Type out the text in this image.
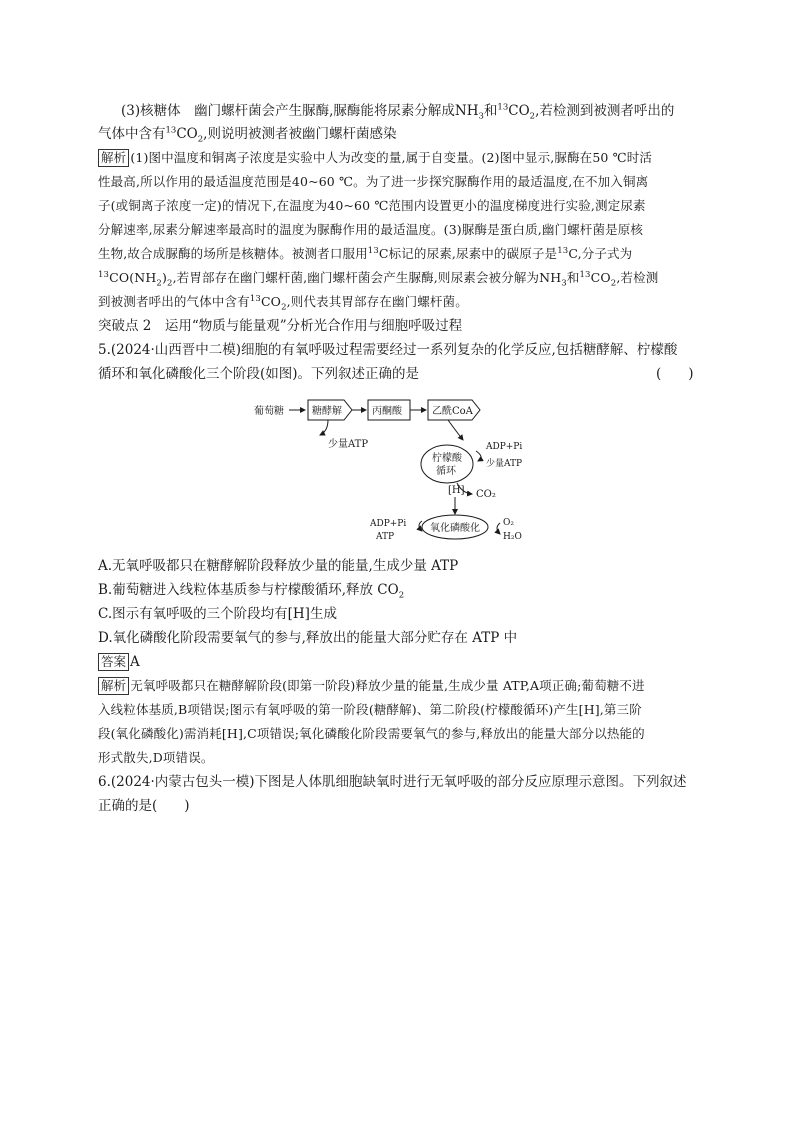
(3)核糖体　幽门螺杆菌会产生脲酶,脲酶能将尿素分解成$NH_3$和$^{13}CO_2$,若检测到被测者呼出的
气体中含有$^{13}CO_2$,则说明被测者被幽门螺杆菌感染
解析 (1)图中温度和铜离子浓度是实验中人为改变的量,属于自变量。(2)图中显示,脲酶在50 ℃时活
性最高,所以作用的最适温度范围是40~60 ℃。为了进一步探究脲酶作用的最适温度,在不加入铜离
子(或铜离子浓度一定)的情况下,在温度为40~60 ℃范围内设置更小的温度梯度进行实验,测定尿素
分解速率,尿素分解速率最高时的温度为脲酶作用的最适温度。(3)脲酶是蛋白质,幽门螺杆菌是原核
生物,故合成脲酶的场所是核糖体。被测者口服用$^{13}$C标记的尿素,尿素中的碳原子是$^{13}$C,分子式为
$^{13}CO(NH_2)_2$,若胃部存在幽门螺杆菌,幽门螺杆菌会产生脲酶,则尿素会被分解为$NH_3$和$^{13}CO_2$,若检测
到被测者呼出的气体中含有$^{13}CO_2$,则代表其胃部存在幽门螺杆菌。
突破点 2　运用“物质与能量观”分析光合作用与细胞呼吸过程
5.(2024·山西晋中二模)细胞的有氧呼吸过程需要经过一系列复杂的化学反应,包括糖酵解、柠檬酸
循环和氧化磷酸化三个阶段(如图)。下列叙述正确的是	(　　)
葡萄糖	糖酵解	丙酮酸	乙酰CoA
少量ATP
柠檬酸
循环
ADP+Pi
少量ATP
CO₂
[H]
氧化磷酸化
ADP+Pi
ATP
O₂
H₂O
A.无氧呼吸都只在糖酵解阶段释放少量的能量,生成少量 ATP
B.葡萄糖进入线粒体基质参与柠檬酸循环,释放 $CO_2$
C.图示有氧呼吸的三个阶段均有[H]生成
D.氧化磷酸化阶段需要氧气的参与,释放出的能量大部分贮存在 ATP 中
答案 A
解析 无氧呼吸都只在糖酵解阶段(即第一阶段)释放少量的能量,生成少量 ATP,A项正确;葡萄糖不进
入线粒体基质,B项错误;图示有氧呼吸的第一阶段(糖酵解)、第二阶段(柠檬酸循环)产生[H],第三阶
段(氧化磷酸化)需消耗[H],C项错误;氧化磷酸化阶段需要氧气的参与,释放出的能量大部分以热能的
形式散失,D项错误。
6.(2024·内蒙古包头一模)下图是人体肌细胞缺氧时进行无氧呼吸的部分反应原理示意图。下列叙述
正确的是(　　)
